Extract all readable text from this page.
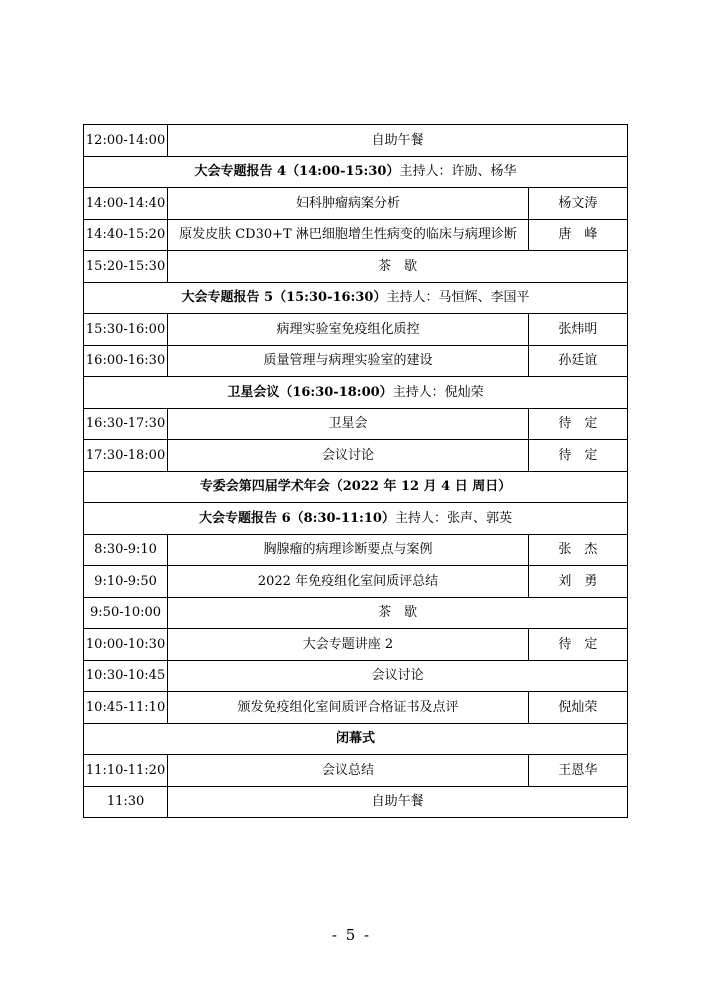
12:00-14:00	自助午餐	
大会专题报告 4（14:00-15:30）主持人：许励、杨华		
14:00-14:40	妇科肿瘤病案分析	杨文涛
14:40-15:20	原发皮肤 CD30+T 淋巴细胞增生性病变的临床与病理诊断	唐　峰
15:20-15:30	茶　歇	
大会专题报告 5（15:30-16:30）主持人：马恒辉、李国平		
15:30-16:00	病理实验室免疫组化质控	张炜明
16:00-16:30	质量管理与病理实验室的建设	孙廷谊
卫星会议（16:30-18:00）主持人：倪灿荣		
16:30-17:30	卫星会	待　定
17:30-18:00	会议讨论	待　定
专委会第四届学术年会（2022 年 12 月 4 日 周日）		
大会专题报告 6（8:30-11:10）主持人：张声、郭英		
8:30-9:10	胸腺瘤的病理诊断要点与案例	张　杰
9:10-9:50	2022 年免疫组化室间质评总结	刘　勇
9:50-10:00	茶　歇	
10:00-10:30	大会专题讲座 2	待　定
10:30-10:45	会议讨论	
10:45-11:10	颁发免疫组化室间质评合格证书及点评	倪灿荣
闭幕式		
11:10-11:20	会议总结	王恩华
11:30	自助午餐	
- 5 -
